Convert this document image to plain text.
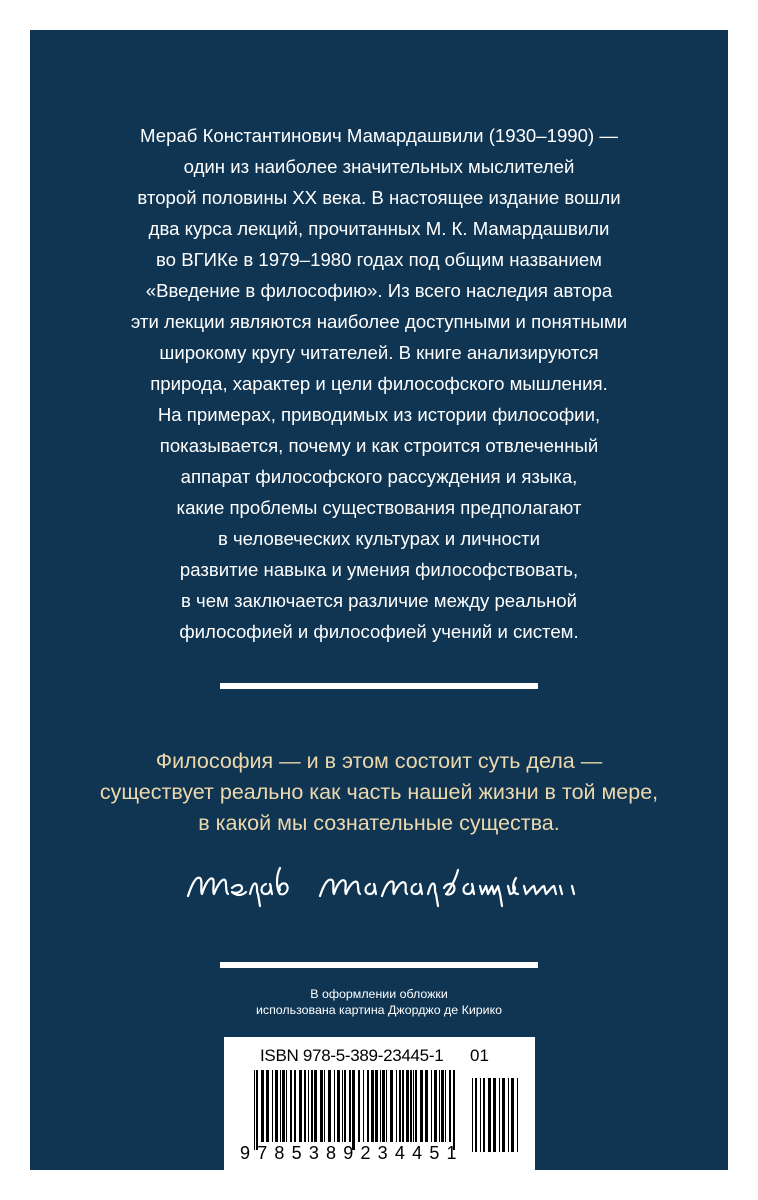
Мераб Константинович Мамардашвили (1930–1990) —
один из наиболее значительных мыслителей
второй половины XX века. В настоящее издание вошли
два курса лекций, прочитанных М. К. Мамардашвили
во ВГИКе в 1979–1980 годах под общим названием
«Введение в философию». Из всего наследия автора
эти лекции являются наиболее доступными и понятными
широкому кругу читателей. В книге анализируются
природа, характер и цели философского мышления.
На примерах, приводимых из истории философии,
показывается, почему и как строится отвлеченный
аппарат философского рассуждения и языка,
какие проблемы существования предполагают
в человеческих культурах и личности
развитие навыка и умения философствовать,
в чем заключается различие между реальной
философией и философией учений и систем.
Философия — и в этом состоит суть дела —
существует реально как часть нашей жизни в той мере,
в какой мы сознательные существа.
В оформлении обложки
использована картина Джорджо де Кирико
ISBN 978-5-389-23445-1 01
9785389234451
